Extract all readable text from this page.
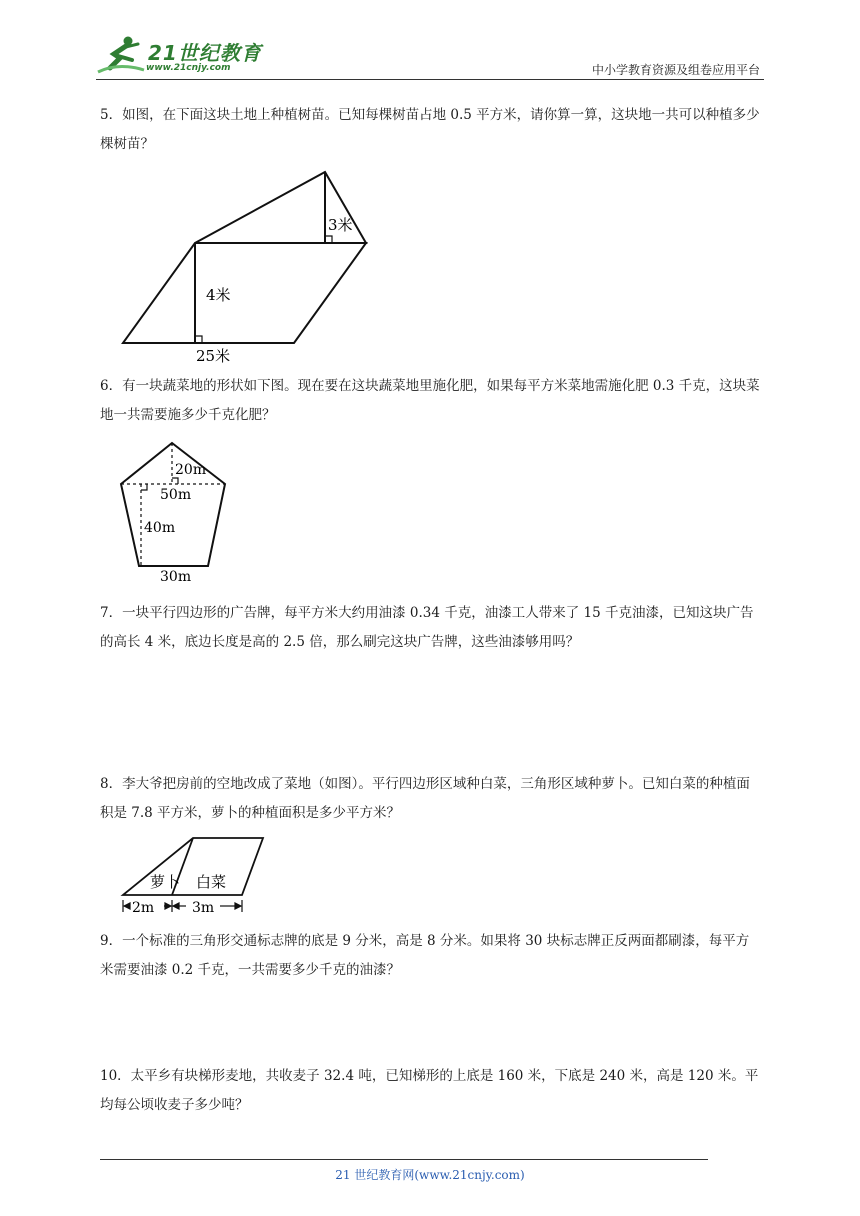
21世纪教育
www.21cnjy.com	中小学教育资源及组卷应用平台
5．如图，在下面这块土地上种植树苗。已知每棵树苗占地 0.5 平方米，请你算一算，这块地一共可以种植多少棵树苗？
3米
4米
25米
6．有一块蔬菜地的形状如下图。现在要在这块蔬菜地里施化肥，如果每平方米菜地需施化肥 0.3 千克，这块菜地一共需要施多少千克化肥？
20m
50m
40m
30m
7．一块平行四边形的广告牌，每平方米大约用油漆 0.34 千克，油漆工人带来了 15 千克油漆，已知这块广告的高长 4 米，底边长度是高的 2.5 倍，那么刷完这块广告牌，这些油漆够用吗？
8．李大爷把房前的空地改成了菜地（如图）。平行四边形区域种白菜，三角形区域种萝卜。已知白菜的种植面积是 7.8 平方米，萝卜的种植面积是多少平方米？
萝卜 白菜
2m	3m
9．一个标准的三角形交通标志牌的底是 9 分米，高是 8 分米。如果将 30 块标志牌正反两面都刷漆，每平方米需要油漆 0.2 千克，一共需要多少千克的油漆？
10．太平乡有块梯形麦地，共收麦子 32.4 吨，已知梯形的上底是 160 米，下底是 240 米，高是 120 米。平均每公顷收麦子多少吨？
21 世纪教育网(www.21cnjy.com)
